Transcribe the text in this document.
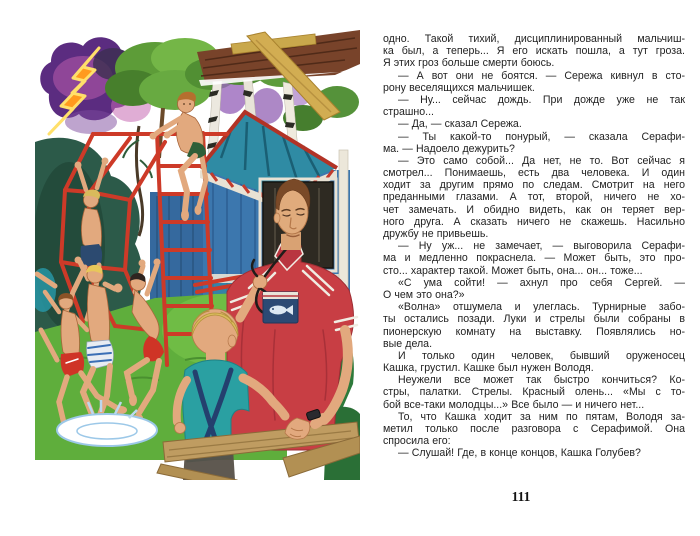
одно. Такой тихий, дисциплинированный мальчиш-
ка был, а теперь... Я его искать пошла, а тут гроза.
Я этих гроз больше смерти боюсь.
— А вот они не боятся. — Сережа кивнул в сто-
рону веселящихся мальчишек.
— Ну... сейчас дождь. При дожде уже не так
страшно...
— Да, — сказал Сережа.
— Ты какой-то понурый, — сказала Серафи-
ма. — Надоело дежурить?
— Это само собой... Да нет, не то. Вот сейчас я
смотрел... Понимаешь, есть два человека. И один
ходит за другим прямо по следам. Смотрит на него
преданными глазами. А тот, второй, ничего не хо-
чет замечать. И обидно видеть, как он теряет вер-
ного друга. А сказать ничего не скажешь. Насильно
дружбу не привьешь.
— Ну уж... не замечает, — выговорила Серафи-
ма и медленно покраснела. — Может быть, это про-
сто... характер такой. Может быть, она... он... тоже...
«С ума сойти! — ахнул про себя Сергей. —
О чем это она?»
«Волна» отшумела и улеглась. Турнирные забо-
ты остались позади. Луки и стрелы были собраны в
пионерскую комнату на выставку. Появлялись но-
вые дела.
И только один человек, бывший оруженосец
Кашка, грустил. Кашке был нужен Володя.
Неужели все может так быстро кончиться? Ко-
стры, палатки. Стрелы. Красный олень... «Мы с то-
бой все-таки молодцы...» Все было — и ничего нет...
То, что Кашка ходит за ним по пятам, Володя за-
метил только после разговора с Серафимой. Она
спросила его:
— Слушай! Где, в конце концов, Кашка Голубев?
111
